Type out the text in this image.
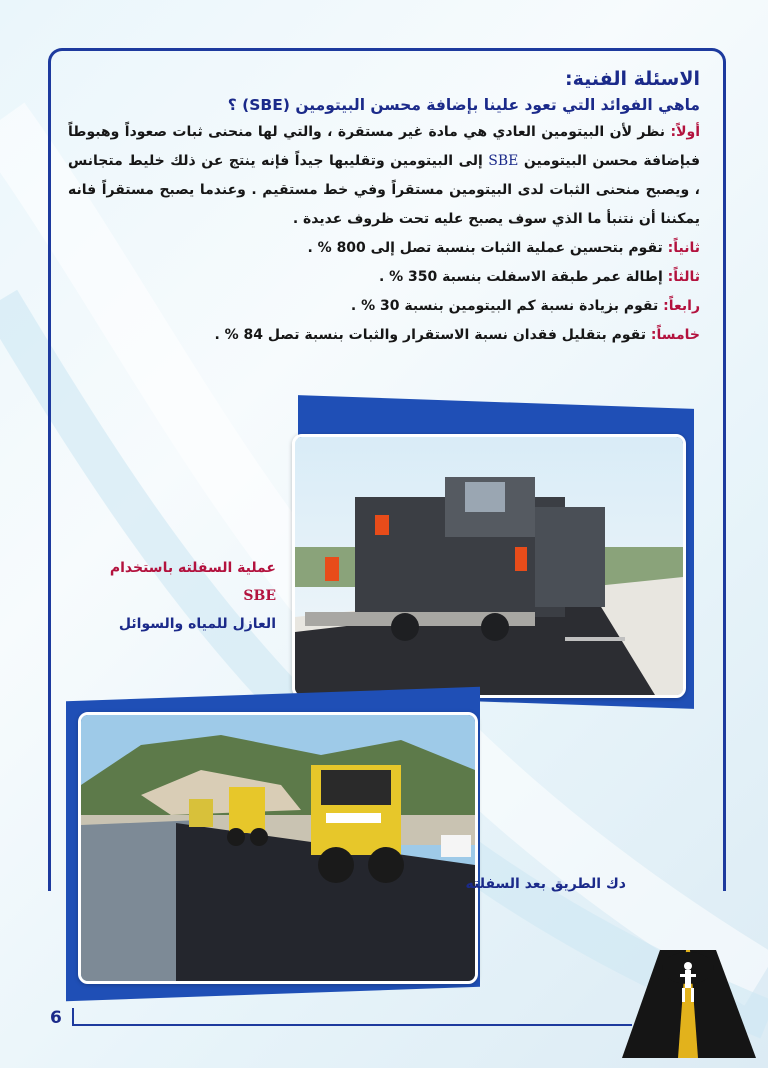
الاسئلة الفنية:
ماهي الفوائد التي تعود علينا بإضافة محسن البيتومين (SBE) ؟

أولاً: نظر لأن البيتومين العادي هي مادة غير مستقرة ، والتي لها منحنى ثبات صعوداً وهبوطاً فبإضافة محسن البيتومين SBE إلى البيتومين وتقليبها جيداً فإنه ينتج عن ذلك خليط متجانس ، ويصبح منحنى الثبات لدى البيتومين مستقراً وفي خط مستقيم . وعندما يصبح مستقراً فانه يمكننا أن نتنبأ ما الذي سوف يصبح عليه تحت ظروف عديدة .

ثانياً: تقوم بتحسين عملية الثبات بنسبة تصل إلى 800 % .

ثالثاً: إطالة عمر طبقة الاسفلت بنسبة 350 % .

رابعاً: تقوم بزيادة نسبة كم البيتومين بنسبة 30 % .

خامساً: تقوم بتقليل فقدان نسبة الاستقرار والثبات بنسبة تصل 84 % .

عملية السفلته باستخدام SBE
العازل للمياه والسوائل
دك الطريق بعد السفلته
6
